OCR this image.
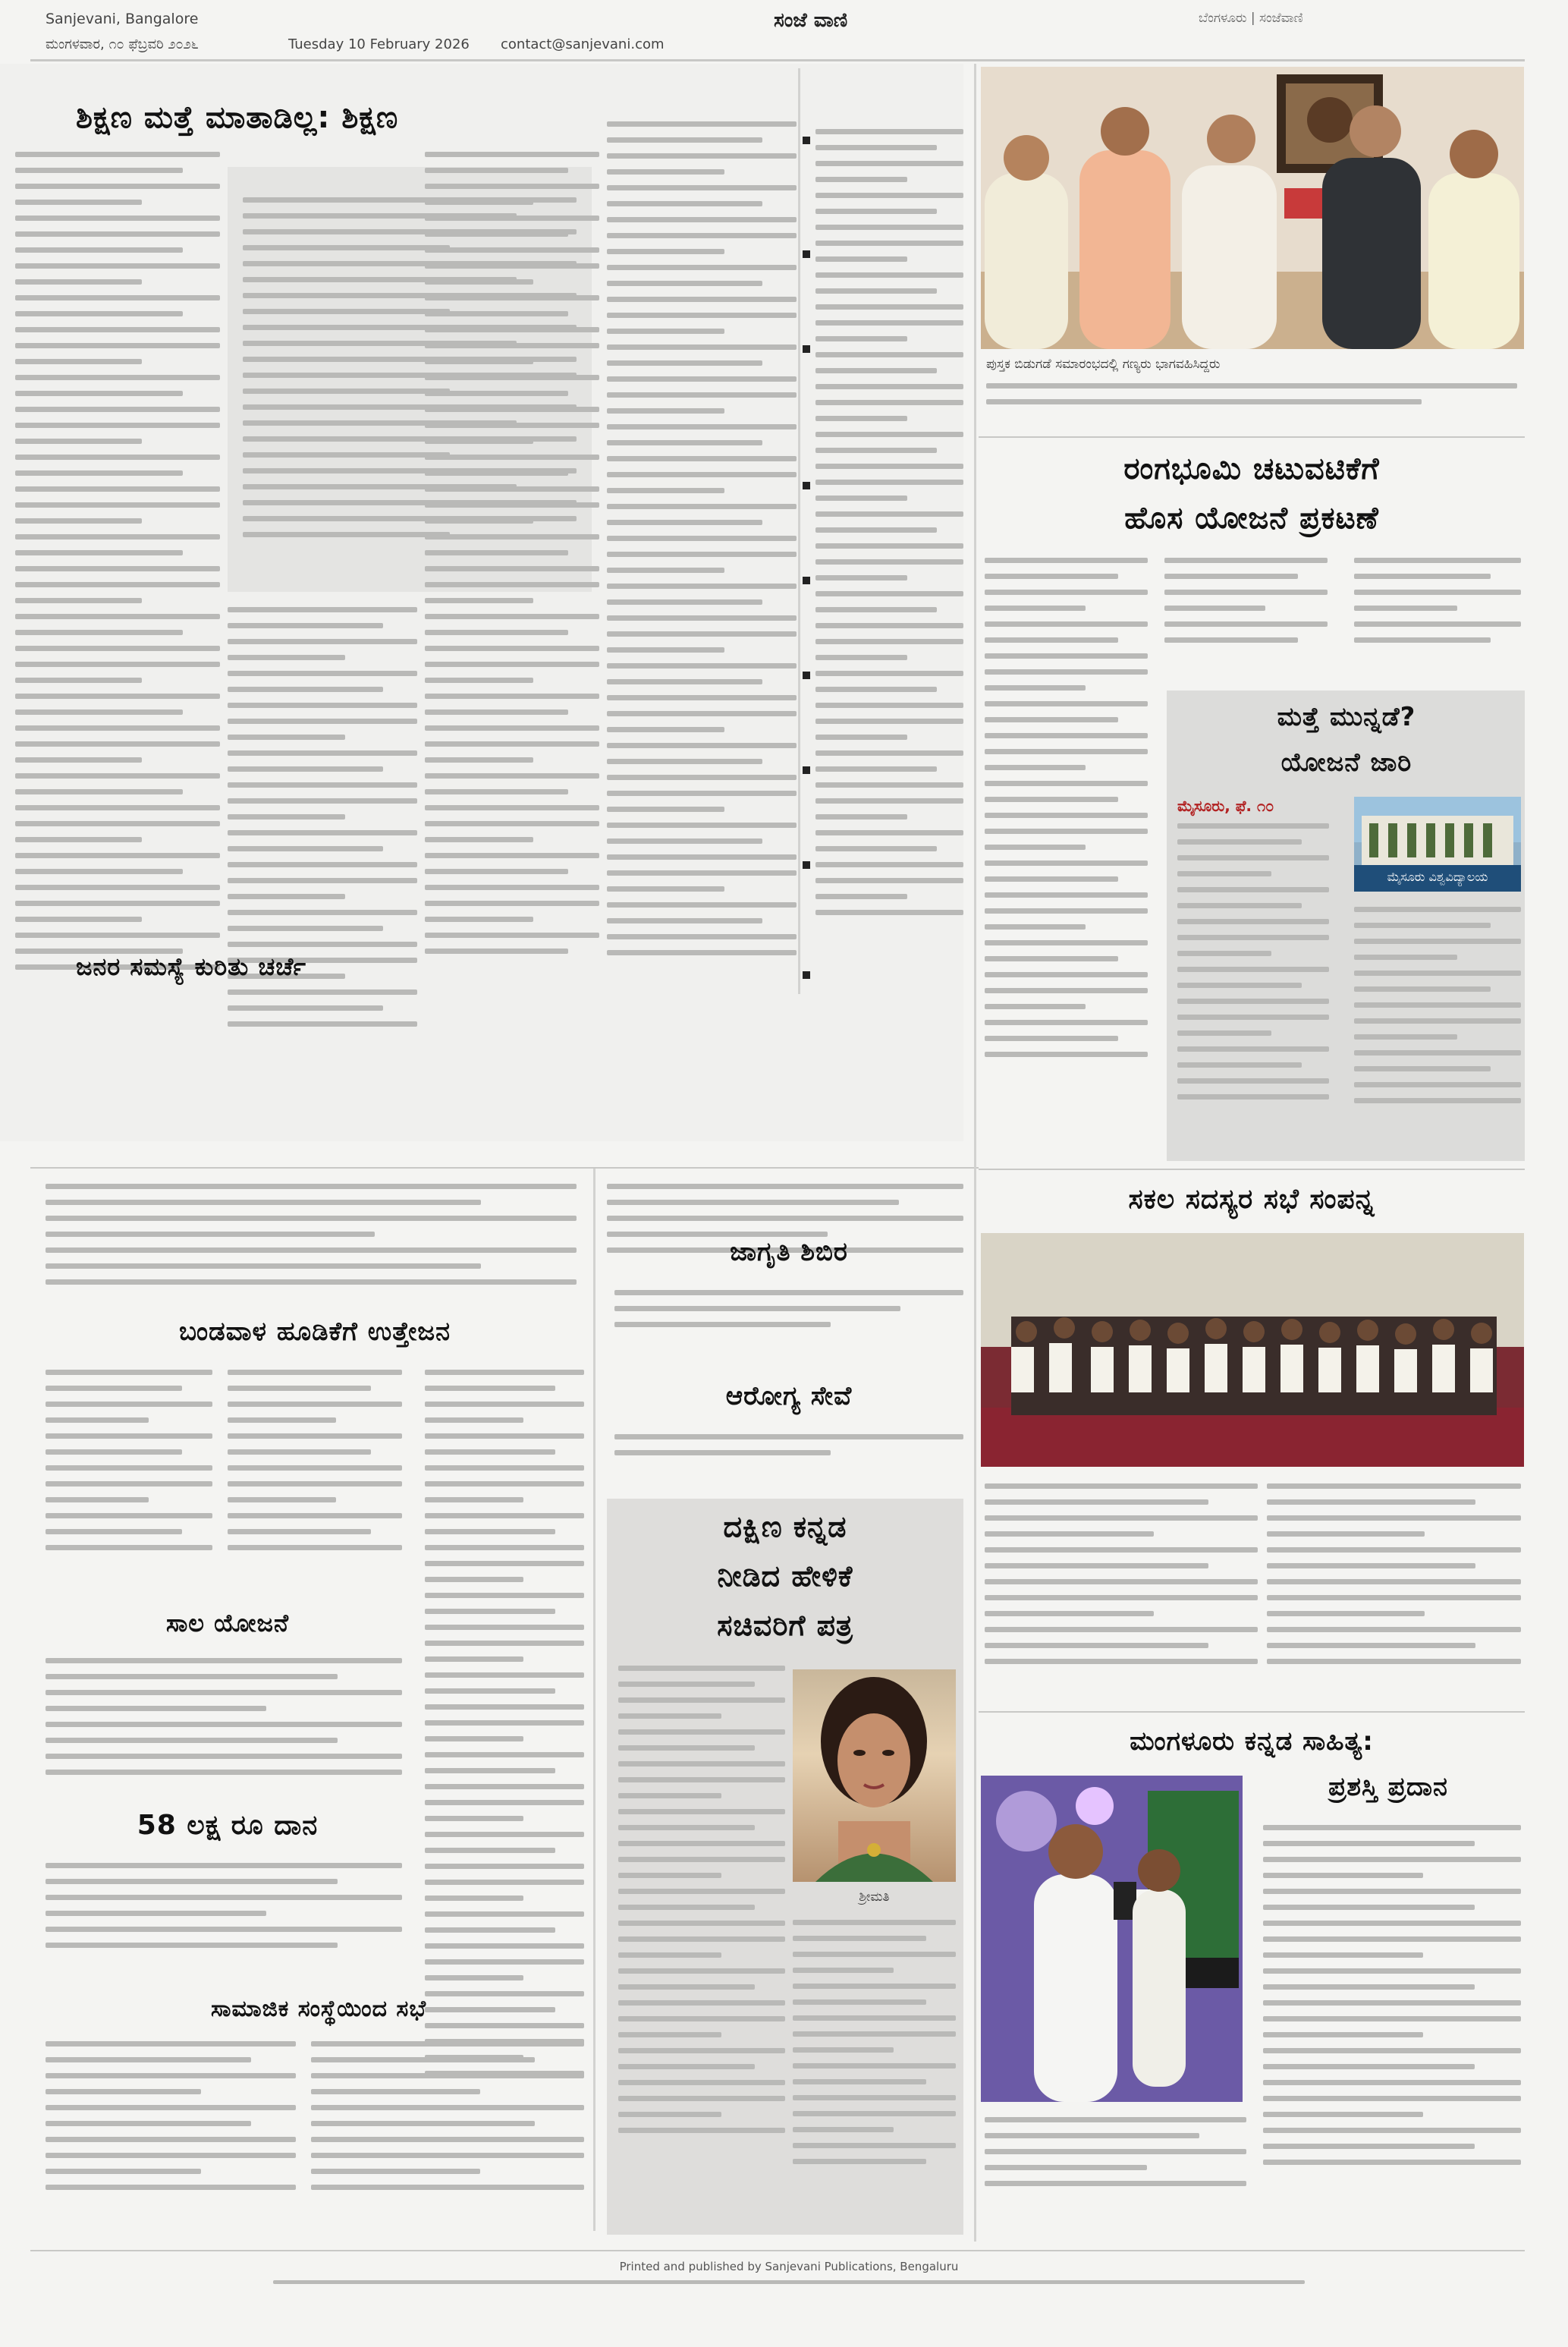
Sanjevani, Bangalore
ಮಂಗಳವಾರ, ೧೦ ಫೆಬ್ರವರಿ ೨೦೨೬	Tuesday 10 February 2026 contact@sanjevani.com
ಸಂಜೆ ವಾಣಿ	ಬೆಂಗಳೂರು | ಸಂಜೆವಾಣಿ
ಶಿಕ್ಷಣ ಮತ್ತೆ ಮಾತಾಡಿಲ್ಲ: ಶಿಕ್ಷಣ
ಜನರ ಸಮಸ್ಯೆ ಕುರಿತು ಚರ್ಚೆ
ಬಂಡವಾಳ ಹೂಡಿಕೆಗೆ ಉತ್ತೇಜನ
ಸಾಲ ಯೋಜನೆ
58 ಲಕ್ಷ ರೂ ದಾನ
ಸಾಮಾಜಿಕ ಸಂಸ್ಥೆಯಿಂದ ಸಭೆ
ಜಾಗೃತಿ ಶಿಬಿರ
ಆರೋಗ್ಯ ಸೇವೆ
ದಕ್ಷಿಣ ಕನ್ನಡ
ನೀಡಿದ ಹೇಳಿಕೆ
ಸಚಿವರಿಗೆ ಪತ್ರ
ಶ್ರೀಮತಿ
ಪುಸ್ತಕ ಬಿಡುಗಡೆ ಸಮಾರಂಭದಲ್ಲಿ ಗಣ್ಯರು ಭಾಗವಹಿಸಿದ್ದರು
ರಂಗಭೂಮಿ ಚಟುವಟಿಕೆಗೆ
ಹೊಸ ಯೋಜನೆ ಪ್ರಕಟಣೆ
ಮತ್ತೆ ಮುನ್ನಡೆ?
ಯೋಜನೆ ಜಾರಿ
ಮೈಸೂರು, ಫೆ. ೧೦
ಮೈಸೂರು ವಿಶ್ವವಿದ್ಯಾಲಯ
ಸಕಲ ಸದಸ್ಯರ ಸಭೆ ಸಂಪನ್ನ
ಮಂಗಳೂರು ಕನ್ನಡ ಸಾಹಿತ್ಯ:
ಪ್ರಶಸ್ತಿ ಪ್ರದಾನ
Printed and published by Sanjevani Publications, Bengaluru
